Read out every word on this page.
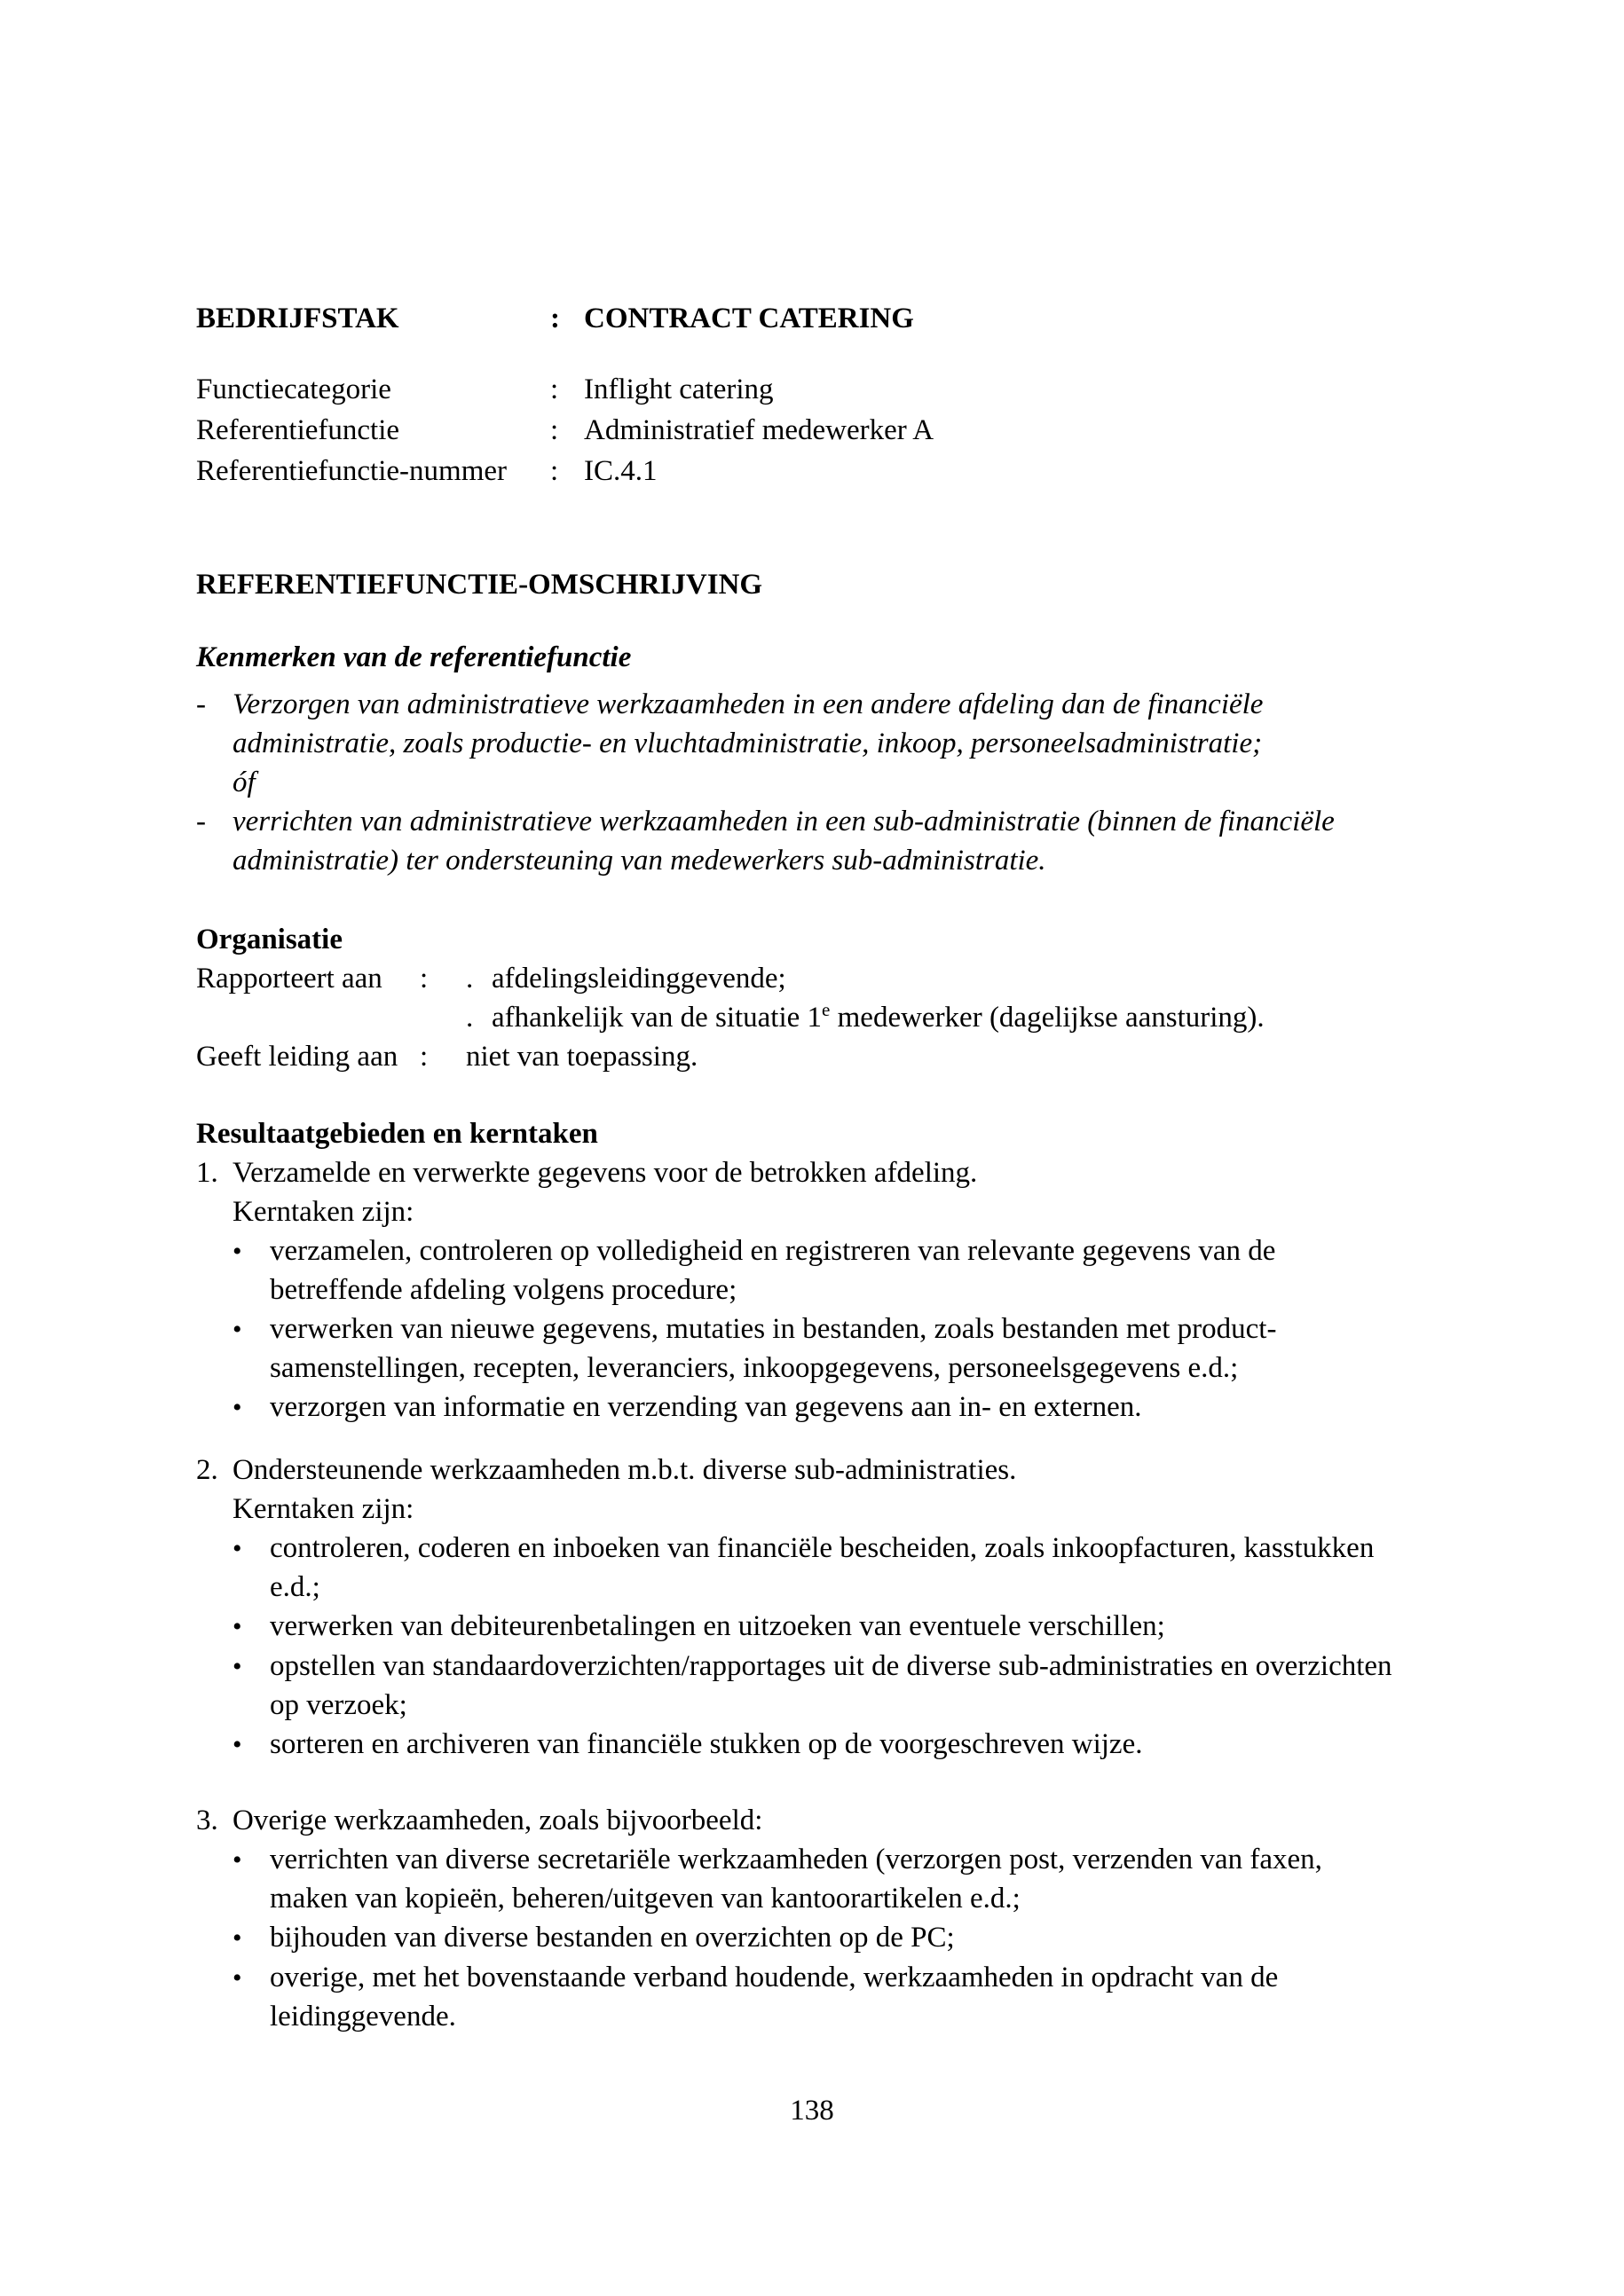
BEDRIJFSTAK	: CONTRACT CATERING
Functiecategorie	: Inflight catering
Referentiefunctie	: Administratief medewerker A
Referentiefunctie-nummer : IC.4.1
REFERENTIEFUNCTIE-OMSCHRIJVING
Kenmerken van de referentiefunctie
- Verzorgen van administratieve werkzaamheden in een andere afdeling dan de financiële
administratie, zoals productie- en vluchtadministratie, inkoop, personeelsadministratie;
óf
- verrichten van administratieve werkzaamheden in een sub-administratie (binnen de financiële
administratie) ter ondersteuning van medewerkers sub-administratie.
Organisatie
Rapporteert aan : . afdelingsleidinggevende;
. afhankelijk van de situatie 1e medewerker (dagelijkse aansturing).
Geeft leiding aan : niet van toepassing.
Resultaatgebieden en kerntaken
1. Verzamelde en verwerkte gegevens voor de betrokken afdeling.
Kerntaken zijn:
• verzamelen, controleren op volledigheid en registreren van relevante gegevens van de
betreffende afdeling volgens procedure;
• verwerken van nieuwe gegevens, mutaties in bestanden, zoals bestanden met product-
samenstellingen, recepten, leveranciers, inkoopgegevens, personeelsgegevens e.d.;
• verzorgen van informatie en verzending van gegevens aan in- en externen.
2. Ondersteunende werkzaamheden m.b.t. diverse sub-administraties.
Kerntaken zijn:
• controleren, coderen en inboeken van financiële bescheiden, zoals inkoopfacturen, kasstukken
e.d.;
• verwerken van debiteurenbetalingen en uitzoeken van eventuele verschillen;
• opstellen van standaardoverzichten/rapportages uit de diverse sub-administraties en overzichten
op verzoek;
• sorteren en archiveren van financiële stukken op de voorgeschreven wijze.
3. Overige werkzaamheden, zoals bijvoorbeeld:
• verrichten van diverse secretariële werkzaamheden (verzorgen post, verzenden van faxen,
maken van kopieën, beheren/uitgeven van kantoorartikelen e.d.;
• bijhouden van diverse bestanden en overzichten op de PC;
• overige, met het bovenstaande verband houdende, werkzaamheden in opdracht van de
leidinggevende.
138
